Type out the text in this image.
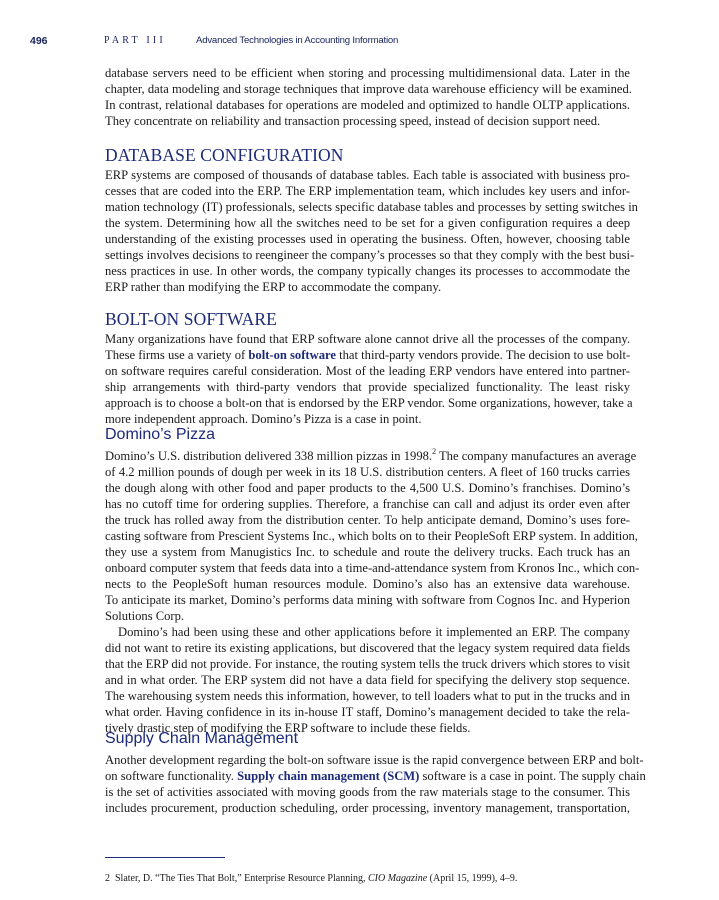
496	PART III	Advanced Technologies in Accounting Information
database servers need to be efficient when storing and processing multidimensional data. Later in the
chapter, data modeling and storage techniques that improve data warehouse efficiency will be examined.
In contrast, relational databases for operations are modeled and optimized to handle OLTP applications.
They concentrate on reliability and transaction processing speed, instead of decision support need.
DATABASE CONFIGURATION
ERP systems are composed of thousands of database tables. Each table is associated with business pro-
cesses that are coded into the ERP. The ERP implementation team, which includes key users and infor-
mation technology (IT) professionals, selects specific database tables and processes by setting switches in
the system. Determining how all the switches need to be set for a given configuration requires a deep
understanding of the existing processes used in operating the business. Often, however, choosing table
settings involves decisions to reengineer the company’s processes so that they comply with the best busi-
ness practices in use. In other words, the company typically changes its processes to accommodate the
ERP rather than modifying the ERP to accommodate the company.
BOLT-ON SOFTWARE
Many organizations have found that ERP software alone cannot drive all the processes of the company.
These firms use a variety of bolt-on software that third-party vendors provide. The decision to use bolt-
on software requires careful consideration. Most of the leading ERP vendors have entered into partner-
ship arrangements with third-party vendors that provide specialized functionality. The least risky
approach is to choose a bolt-on that is endorsed by the ERP vendor. Some organizations, however, take a
more independent approach. Domino’s Pizza is a case in point.
Domino’s Pizza
Domino’s U.S. distribution delivered 338 million pizzas in 1998.$^2$ The company manufactures an average
of 4.2 million pounds of dough per week in its 18 U.S. distribution centers. A fleet of 160 trucks carries
the dough along with other food and paper products to the 4,500 U.S. Domino’s franchises. Domino’s
has no cutoff time for ordering supplies. Therefore, a franchise can call and adjust its order even after
the truck has rolled away from the distribution center. To help anticipate demand, Domino’s uses fore-
casting software from Prescient Systems Inc., which bolts on to their PeopleSoft ERP system. In addition,
they use a system from Manugistics Inc. to schedule and route the delivery trucks. Each truck has an
onboard computer system that feeds data into a time-and-attendance system from Kronos Inc., which con-
nects to the PeopleSoft human resources module. Domino’s also has an extensive data warehouse.
To anticipate its market, Domino’s performs data mining with software from Cognos Inc. and Hyperion
Solutions Corp.
Domino’s had been using these and other applications before it implemented an ERP. The company
did not want to retire its existing applications, but discovered that the legacy system required data fields
that the ERP did not provide. For instance, the routing system tells the truck drivers which stores to visit
and in what order. The ERP system did not have a data field for specifying the delivery stop sequence.
The warehousing system needs this information, however, to tell loaders what to put in the trucks and in
what order. Having confidence in its in-house IT staff, Domino’s management decided to take the rela-
tively drastic step of modifying the ERP software to include these fields.
Supply Chain Management
Another development regarding the bolt-on software issue is the rapid convergence between ERP and bolt-
on software functionality. Supply chain management (SCM) software is a case in point. The supply chain
is the set of activities associated with moving goods from the raw materials stage to the consumer. This
includes procurement, production scheduling, order processing, inventory management, transportation,
2 Slater, D. “The Ties That Bolt,” Enterprise Resource Planning, CIO Magazine (April 15, 1999), 4–9.
